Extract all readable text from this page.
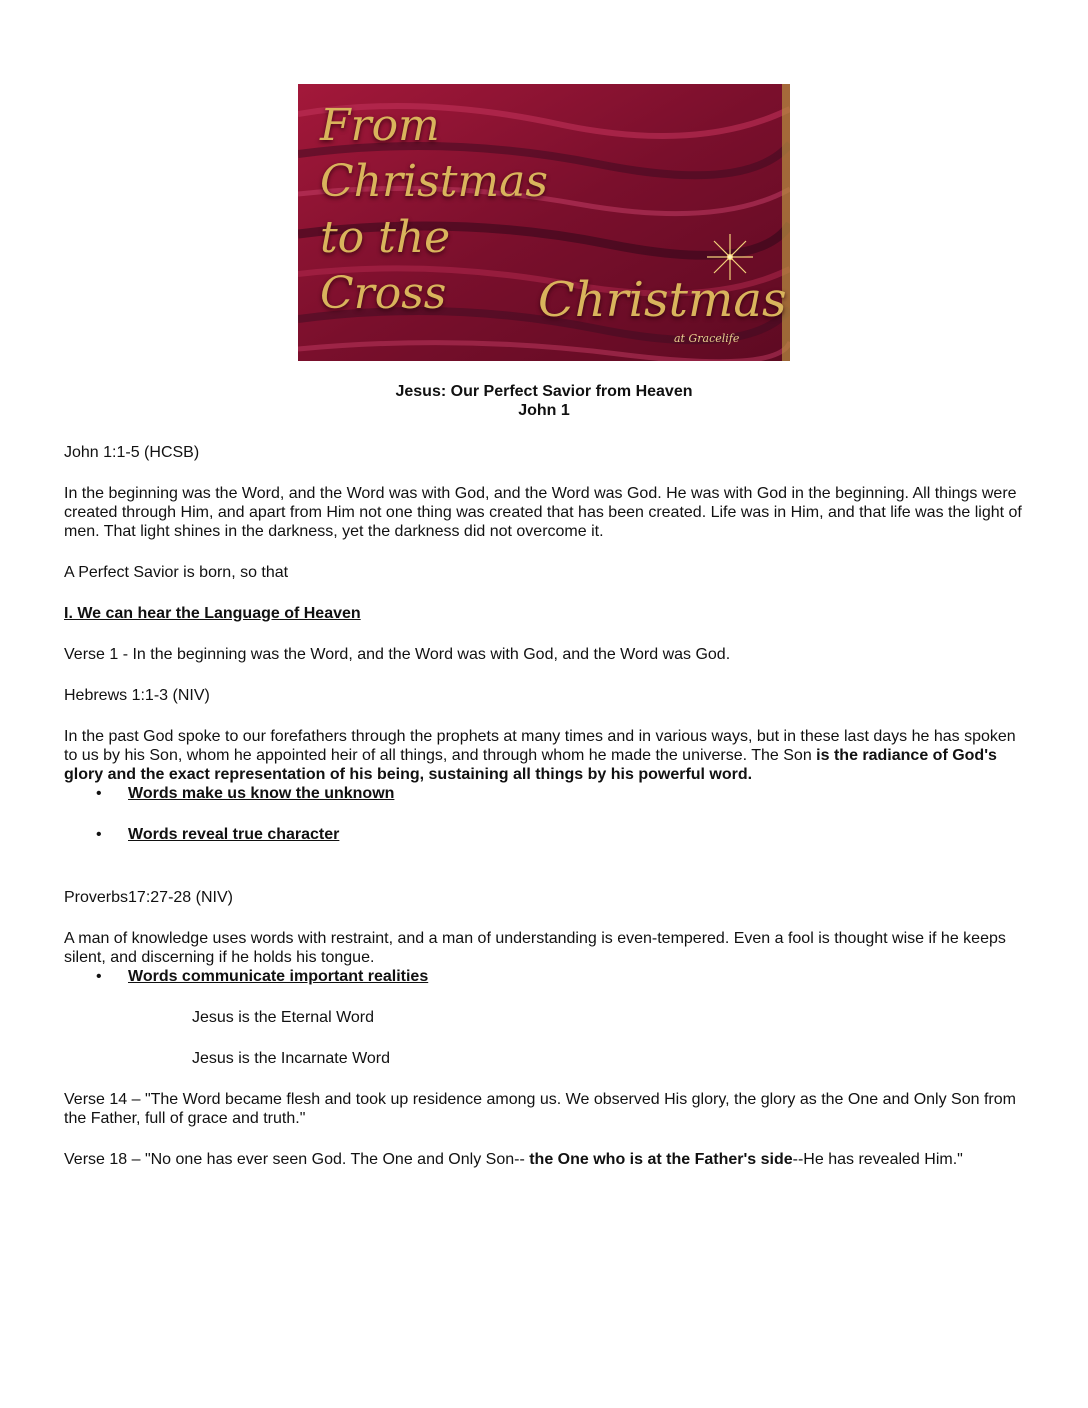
From
Christmas
to the
Cross	Christmas
at Gracelife
Jesus: Our Perfect Savior from Heaven
John 1

John 1:1-5 (HCSB)

In the beginning was the Word, and the Word was with God, and the Word was God. He was with God in the beginning. All things were created through Him, and apart from Him not one thing was created that has been created. Life was in Him, and that life was the light of men. That light shines in the darkness, yet the darkness did not overcome it.

A Perfect Savior is born, so that

I. We can hear the Language of Heaven

Verse 1 - In the beginning was the Word, and the Word was with God, and the Word was God.

Hebrews 1:1-3 (NIV)

In the past God spoke to our forefathers through the prophets at many times and in various ways, but in these last days he has spoken to us by his Son, whom he appointed heir of all things, and through whom he made the universe. The Son is the radiance of God's glory and the exact representation of his being, sustaining all things by his powerful word.

• Words make us know the unknown
• Words reveal true character

Proverbs17:27-28 (NIV)

A man of knowledge uses words with restraint, and a man of understanding is even-tempered. Even a fool is thought wise if he keeps silent, and discerning if he holds his tongue.

• Words communicate important realities

Jesus is the Eternal Word

Jesus is the Incarnate Word

Verse 14 – "The Word became flesh and took up residence among us. We observed His glory, the glory as the One and Only Son from the Father, full of grace and truth."

Verse 18 – "No one has ever seen God. The One and Only Son-- the One who is at the Father's side--He has revealed Him."
